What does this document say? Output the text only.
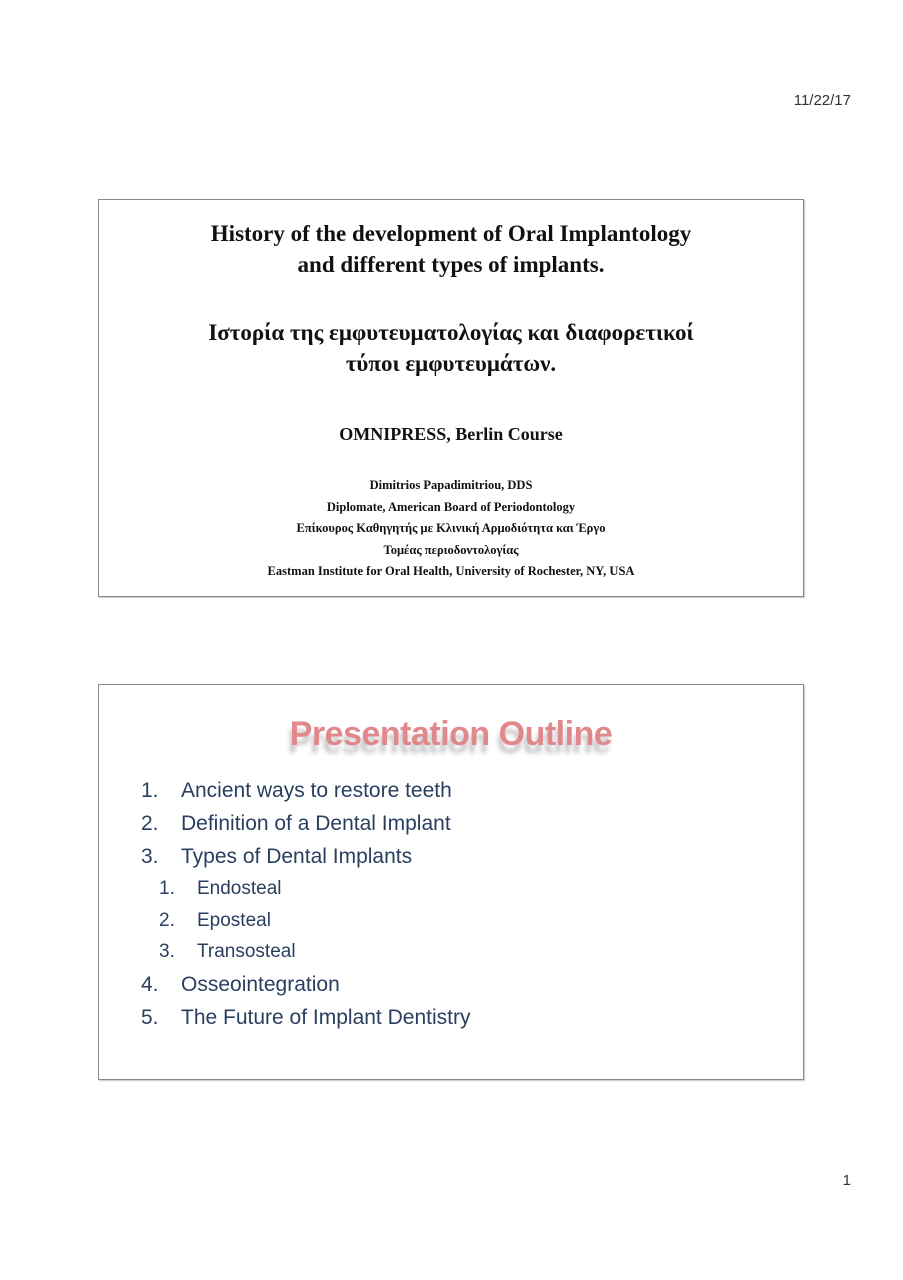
11/22/17
History of the development of Oral Implantology
and different types of implants.
Ιστορία της εμφυτευματολογίας και διαφορετικοί
τύποι εμφυτευμάτων.
OMNIPRESS, Berlin Course
Dimitrios Papadimitriou, DDS
Diplomate, American Board of Periodontology
Επίκουρος Καθηγητής με Κλινική Αρμοδιότητα και Έργο
Τομέας περιοδοντολογίας
Eastman Institute for Oral Health, University of Rochester, NY, USA
Presentation Outline
1.	Ancient ways to restore teeth
2.	Definition of a Dental Implant
3.	Types of Dental Implants
1.	Endosteal
2.	Eposteal
3.	Transosteal
4.	Osseointegration
5.	The Future of Implant Dentistry
1
